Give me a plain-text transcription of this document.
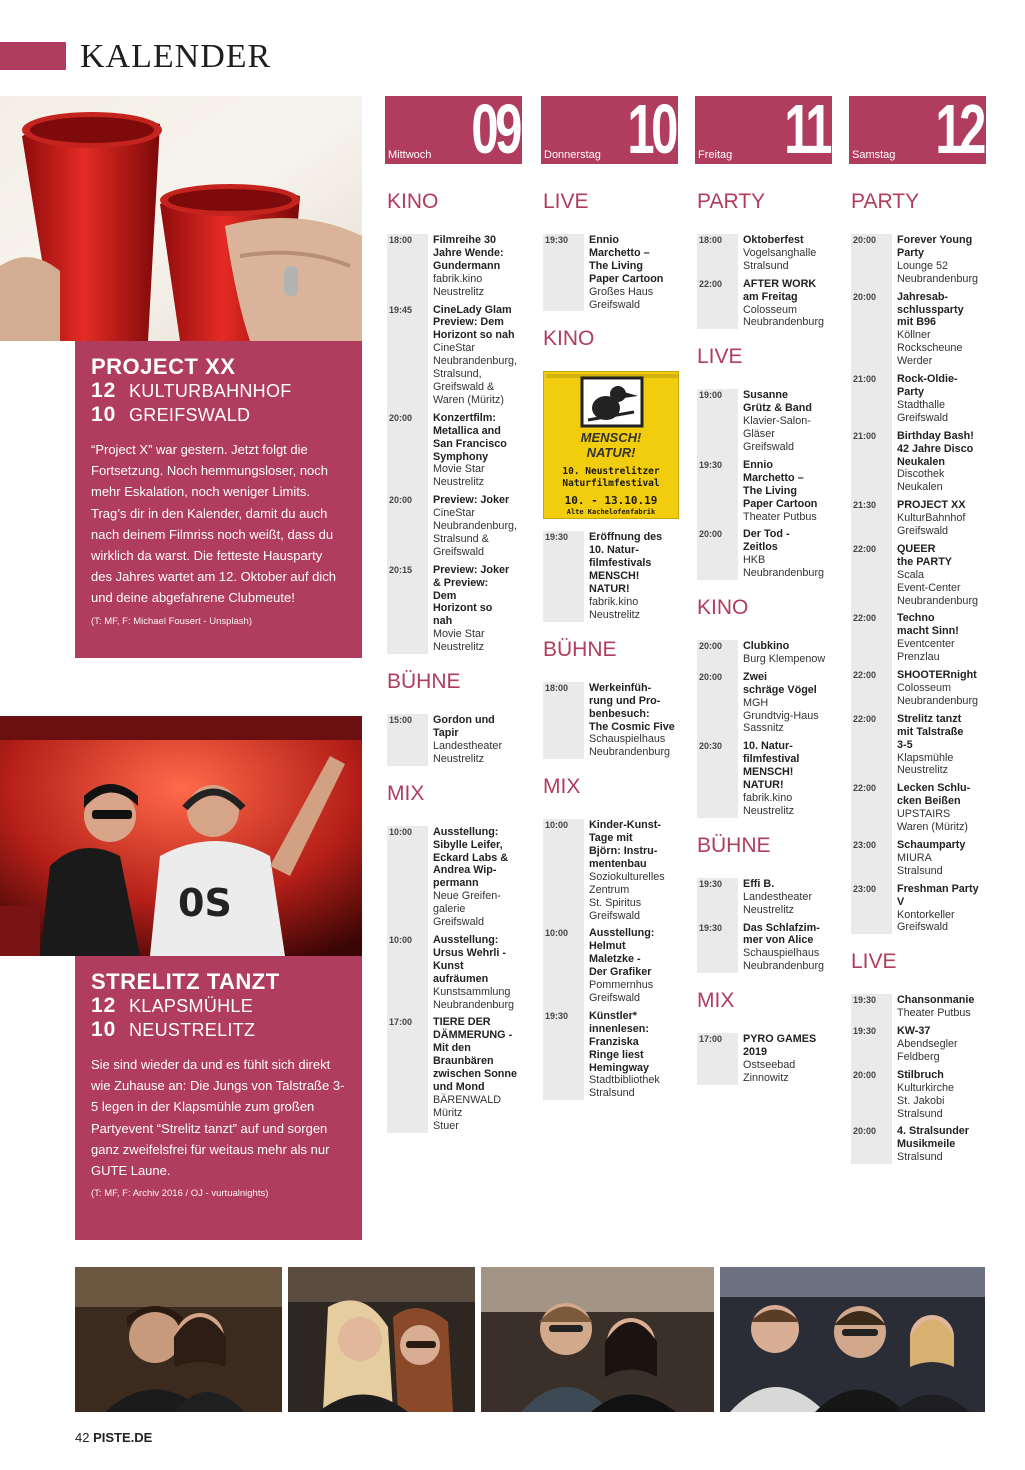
KALENDER
PROJECT XX
12 KULTURBAHNHOF
10 GREIFSWALD

“Project X” war gestern. Jetzt folgt die Fortsetzung. Noch hemmungsloser, noch mehr Eskalation, noch weniger Limits. Trag’s dir in den Kalender, damit du auch nach deinem Filmriss noch weißt, dass du wirklich da warst. Die fetteste Hausparty des Jahres wartet am 12. Oktober auf dich und deine abgefahrene Clubmeute!

(T: MF, F: Michael Fousert - Unsplash)

0S
STRELITZ TANZT
12 KLAPSMÜHLE
10 NEUSTRELITZ

Sie sind wieder da und es fühlt sich direkt wie Zuhause an: Die Jungs von Talstraße 3-5 legen in der Klapsmühle zum großen Partyevent “Strelitz tanzt” auf und sorgen ganz zweifelsfrei für weitaus mehr als nur GUTE Laune.

(T: MF, F: Archiv 2016 / OJ - vurtualnights)

Mittwoch 09 Donnerstag 10 Freitag 11 Samstag 12
KINO
18:00 Filmreihe 30
Jahre Wende:
Gundermann
fabrik.kino
Neustrelitz
19:45 CineLady Glam
Preview: Dem
Horizont so nah
CineStar
Neubrandenburg,
Stralsund,
Greifswald &
Waren (Müritz)
20:00 Konzertfilm:
Metallica and
San Francisco
Symphony
Movie Star
Neustrelitz
20:00 Preview: Joker
CineStar
Neubrandenburg,
Stralsund &
Greifswald
20:15 Preview: Joker
& Preview:
Dem
Horizont so
nah
Movie Star
Neustrelitz
BÜHNE
15:00 Gordon und
Tapir
Landestheater
Neustrelitz
MIX
10:00 Ausstellung:
Sibylle Leifer,
Eckard Labs &
Andrea Wip-
permann
Neue Greifen-
galerie
Greifswald
10:00 Ausstellung:
Ursus Wehrli -
Kunst
aufräumen
Kunstsammlung
Neubrandenburg
17:00 TIERE DER
DÄMMERUNG -
Mit den
Braunbären
zwischen Sonne
und Mond
BÄRENWALD
Müritz
Stuer
LIVE
19:30 Ennio
Marchetto –
The Living
Paper Cartoon
Großes Haus
Greifswald
KINO
MENSCH!
NATUR!
10. Neustrelitzer
Naturfilmfestival
10. - 13.10.19
Alte Kachelofenfabrik
19:30 Eröffnung des
10. Natur-
filmfestivals
MENSCH!
NATUR!
fabrik.kino
Neustrelitz
BÜHNE
18:00 Werkeinfüh-
rung und Pro-
benbesuch:
The Cosmic Five
Schauspielhaus
Neubrandenburg
MIX
10:00 Kinder-Kunst-
Tage mit
Björn: Instru-
mentenbau
Soziokulturelles
Zentrum
St. Spiritus
Greifswald
10:00 Ausstellung:
Helmut
Maletzke -
Der Grafiker
Pommernhus
Greifswald
19:30 Künstler*
innenlesen:
Franziska
Ringe liest
Hemingway
Stadtbibliothek
Stralsund
PARTY
18:00 Oktoberfest
Vogelsanghalle
Stralsund
22:00 AFTER WORK
am Freitag
Colosseum
Neubrandenburg
LIVE
19:00 Susanne
Grütz & Band
Klavier-Salon-
Gläser
Greifswald
19:30 Ennio
Marchetto –
The Living
Paper Cartoon
Theater Putbus
20:00 Der Tod -
Zeitlos
HKB
Neubrandenburg
KINO
20:00 Clubkino
Burg Klempenow
20:00 Zwei
schräge Vögel
MGH
Grundtvig-Haus
Sassnitz
20:30 10. Natur-
filmfestival
MENSCH!
NATUR!
fabrik.kino
Neustrelitz
BÜHNE
19:30 Effi B.
Landestheater
Neustrelitz
19:30 Das Schlafzim-
mer von Alice
Schauspielhaus
Neubrandenburg
MIX
17:00 PYRO GAMES
2019
Ostseebad
Zinnowitz
PARTY
20:00 Forever Young
Party
Lounge 52
Neubrandenburg
20:00 Jahresab-
schlussparty
mit B96
Köllner
Rockscheune
Werder
21:00 Rock-Oldie-
Party
Stadthalle
Greifswald
21:00 Birthday Bash!
42 Jahre Disco
Neukalen
Discothek
Neukalen
21:30 PROJECT XX
KulturBahnhof
Greifswald
22:00 QUEER
the PARTY
Scala
Event-Center
Neubrandenburg
22:00 Techno
macht Sinn!
Eventcenter
Prenzlau
22:00 SHOOTERnight
Colosseum
Neubrandenburg
22:00 Strelitz tanzt
mit Talstraße
3-5
Klapsmühle
Neustrelitz
22:00 Lecken Schlu-
cken Beißen
UPSTAIRS
Waren (Müritz)
23:00 Schaumparty
MIURA
Stralsund
23:00 Freshman Party V
Kontorkeller
Greifswald
LIVE
19:30 Chansonmanie
Theater Putbus
19:30 KW-37
Abendsegler
Feldberg
20:00 Stilbruch
Kulturkirche
St. Jakobi
Stralsund
20:00 4. Stralsunder
Musikmeile
Stralsund
42 PISTE.DE
